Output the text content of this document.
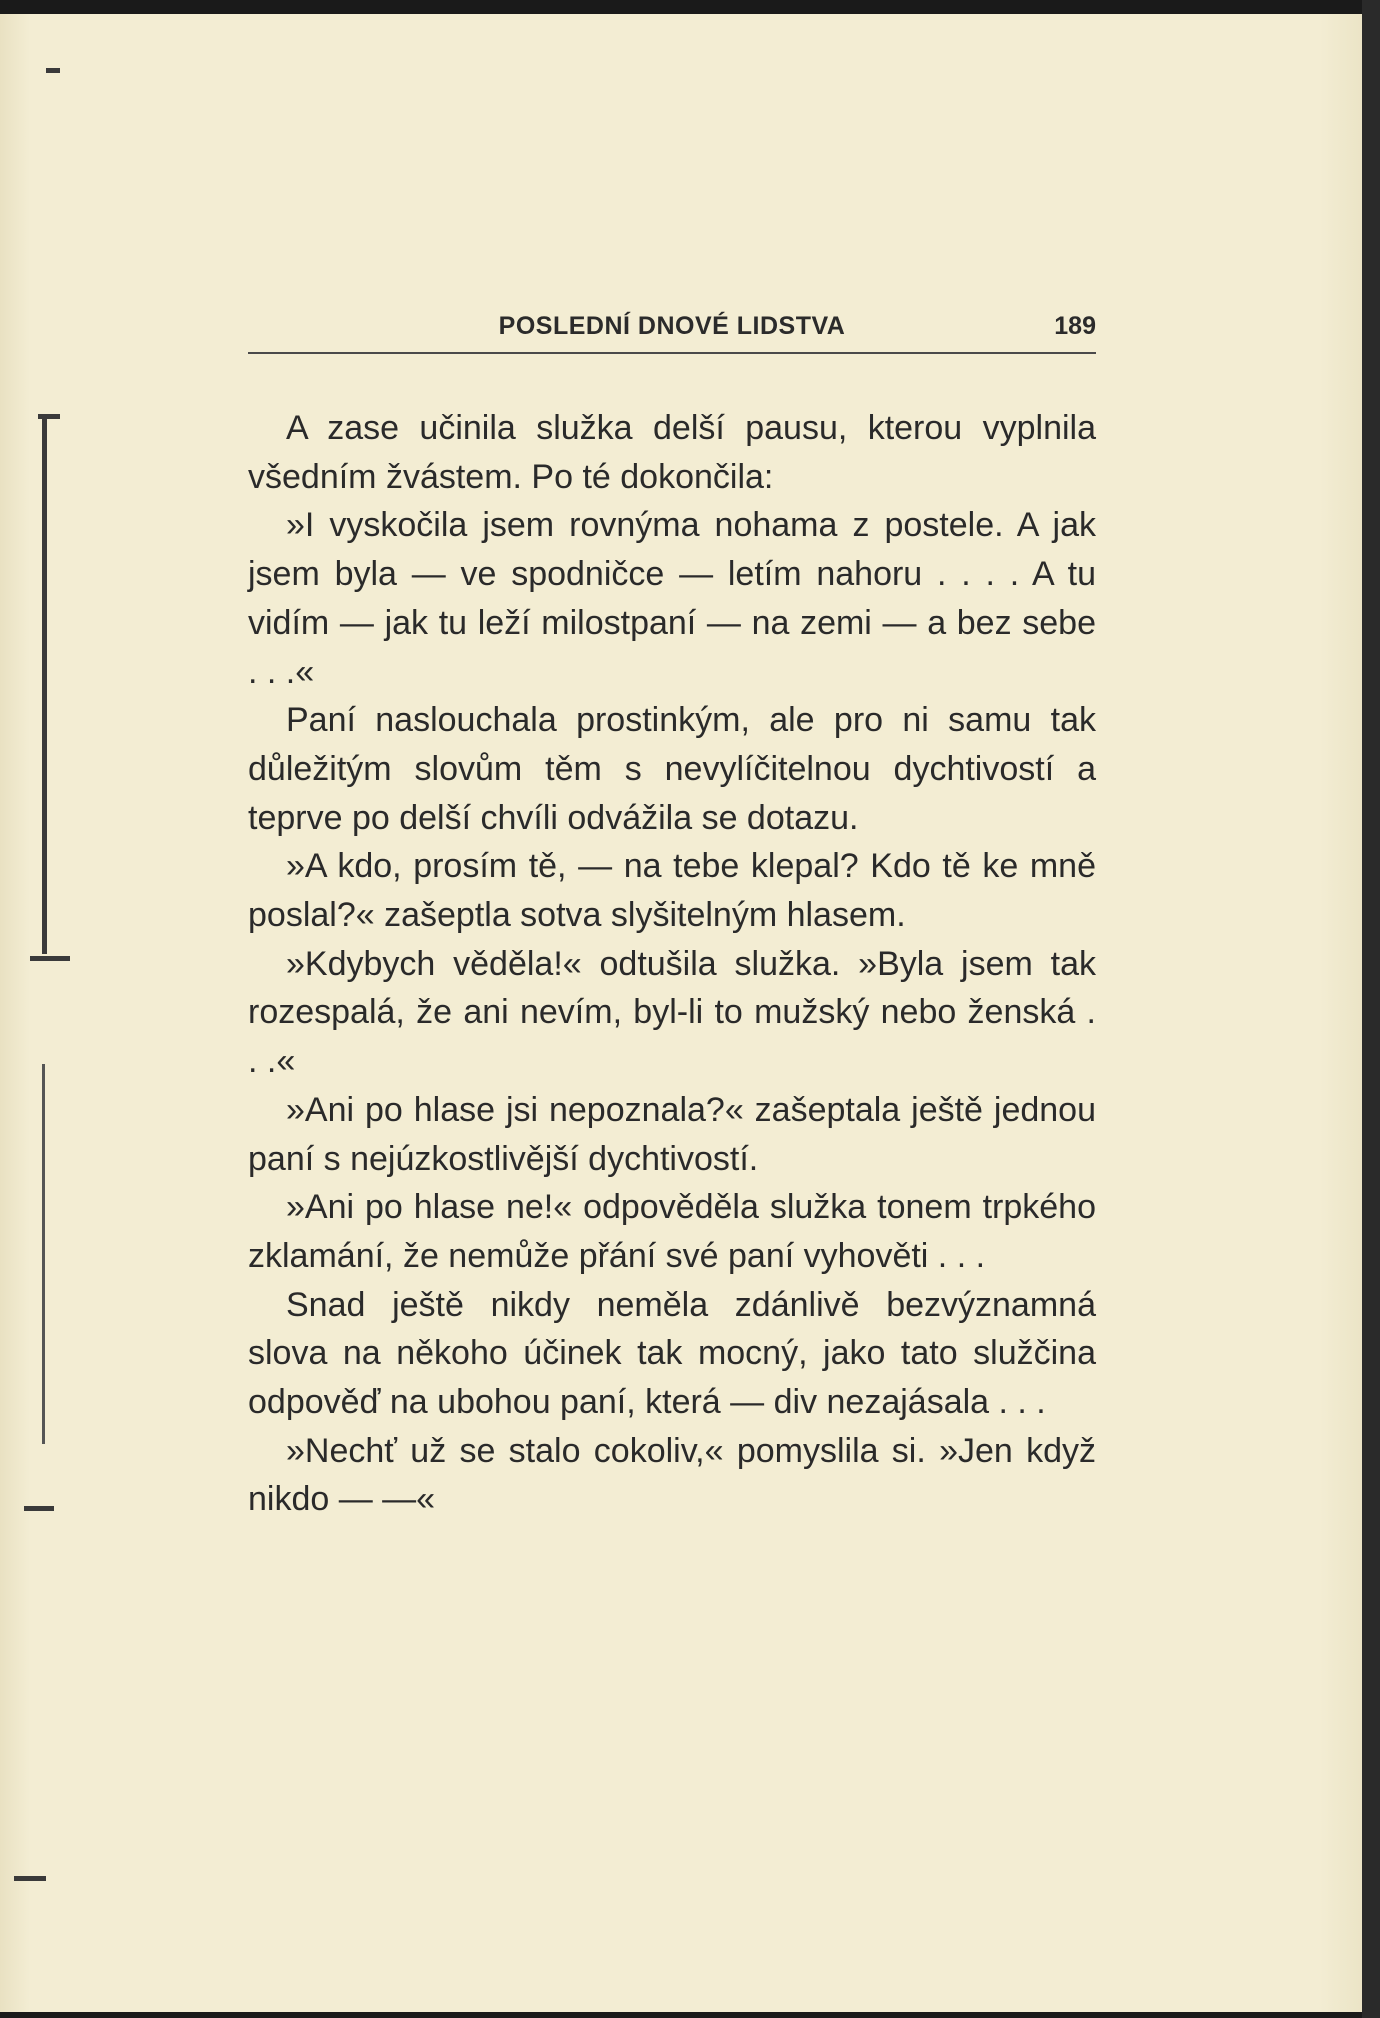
POSLEDNÍ DNOVÉ LIDSTVA	189

A zase učinila služka delší pausu, kterou vyplnila všedním žvástem. Po té dokončila:

»I vyskočila jsem rovnýma nohama z postele. A jak jsem byla — ve spodničce — letím nahoru . . . . A tu vidím — jak tu leží milostpaní — na zemi — a bez sebe . . .«

Paní naslouchala prostinkým, ale pro ni samu tak důležitým slovům těm s nevylíčitelnou dychtivostí a teprve po delší chvíli odvážila se dotazu.

»A kdo, prosím tě, — na tebe klepal? Kdo tě ke mně poslal?« zašeptla sotva slyšitelným hlasem.

»Kdybych věděla!« odtušila služka. »Byla jsem tak rozespalá, že ani nevím, byl-li to mužský nebo ženská . . .«

»Ani po hlase jsi nepoznala?« zašeptala ještě jednou paní s nejúzkostlivější dychtivostí.

»Ani po hlase ne!« odpověděla služka tonem trpkého zklamání, že nemůže přání své paní vyhověti . . .

Snad ještě nikdy neměla zdánlivě bezvýznamná slova na někoho účinek tak mocný, jako tato služčina odpověď na ubohou paní, která — div nezajásala . . .

»Nechť už se stalo cokoliv,« pomyslila si. »Jen když nikdo — —«
